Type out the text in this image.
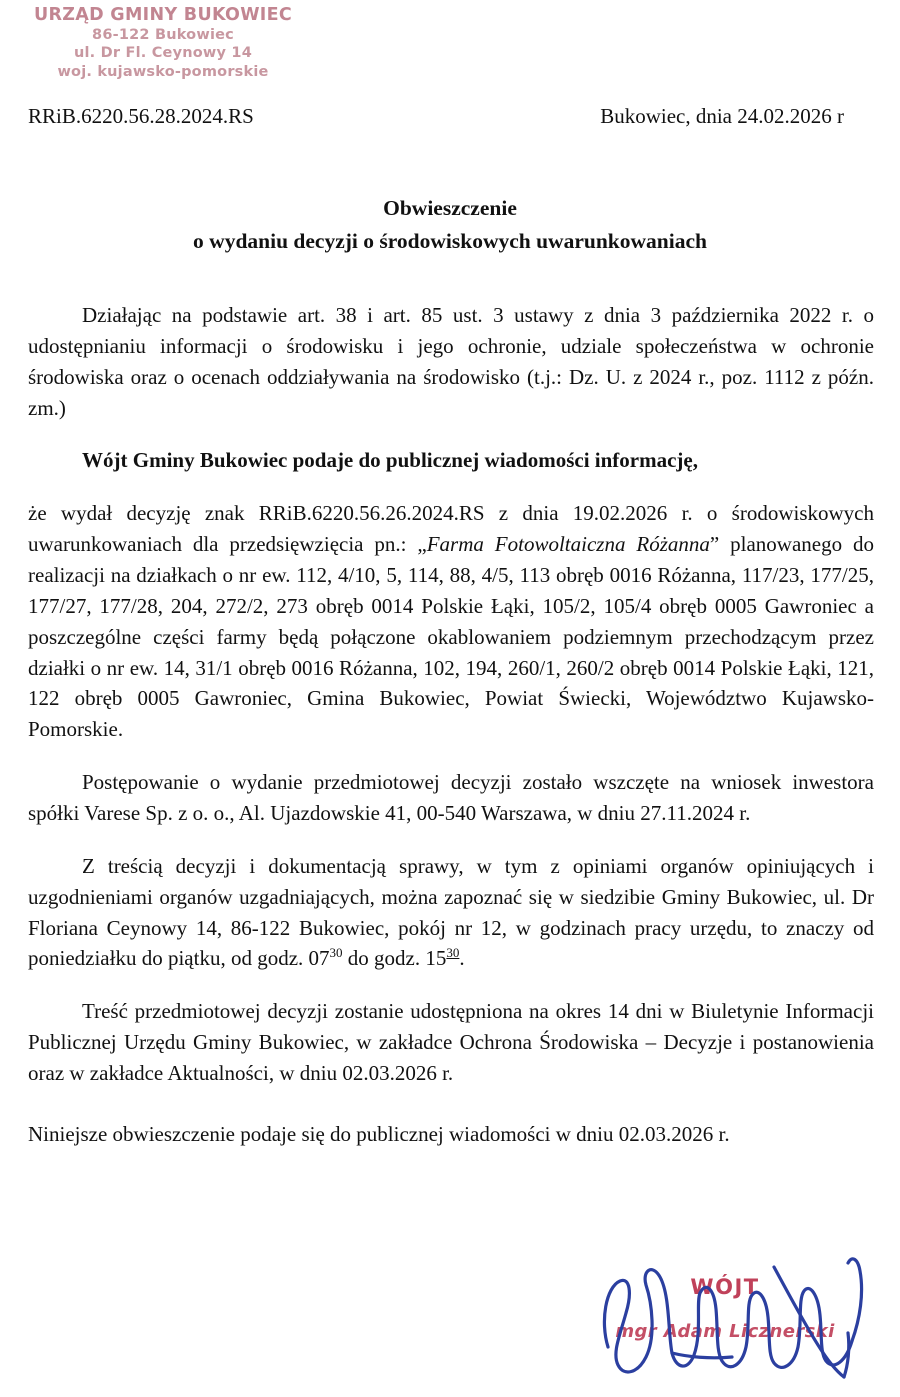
URZĄD GMINY BUKOWIEC
86-122 Bukowiec
ul. Dr Fl. Ceynowy 14
woj. kujawsko-pomorskie
RRiB.6220.56.28.2024.RS	Bukowiec, dnia 24.02.2026 r
Obwieszczenie
o wydaniu decyzji o środowiskowych uwarunkowaniach

Działając na podstawie art. 38 i art. 85 ust. 3 ustawy z dnia 3 października 2022 r. o udostępnianiu informacji o środowisku i jego ochronie, udziale społeczeństwa w ochronie środowiska oraz o ocenach oddziaływania na środowisko (t.j.: Dz. U. z 2024 r., poz. 1112 z późn. zm.)

Wójt Gminy Bukowiec podaje do publicznej wiadomości informację,

że wydał decyzję znak RRiB.6220.56.26.2024.RS z dnia 19.02.2026 r. o środowiskowych uwarunkowaniach dla przedsięwzięcia pn.: „Farma Fotowoltaiczna Różanna” planowanego do realizacji na działkach o nr ew. 112, 4/10, 5, 114, 88, 4/5, 113 obręb 0016 Różanna, 117/23, 177/25, 177/27, 177/28, 204, 272/2, 273 obręb 0014 Polskie Łąki, 105/2, 105/4 obręb 0005 Gawroniec a poszczególne części farmy będą połączone okablowaniem podziemnym przechodzącym przez działki o nr ew. 14, 31/1 obręb 0016 Różanna, 102, 194, 260/1, 260/2 obręb 0014 Polskie Łąki, 121, 122 obręb 0005 Gawroniec, Gmina Bukowiec, Powiat Świecki, Województwo Kujawsko-Pomorskie.

Postępowanie o wydanie przedmiotowej decyzji zostało wszczęte na wniosek inwestora spółki Varese Sp. z o. o., Al. Ujazdowskie 41, 00-540 Warszawa, w dniu 27.11.2024 r.

Z treścią decyzji i dokumentacją sprawy, w tym z opiniami organów opiniujących i uzgodnieniami organów uzgadniających, można zapoznać się w siedzibie Gminy Bukowiec, ul. Dr Floriana Ceynowy 14, 86-122 Bukowiec, pokój nr 12, w godzinach pracy urzędu, to znaczy od poniedziałku do piątku, od godz. $07^{30}$ do godz. $15^{30}$.

Treść przedmiotowej decyzji zostanie udostępniona na okres 14 dni w Biuletynie Informacji Publicznej Urzędu Gminy Bukowiec, w zakładce Ochrona Środowiska – Decyzje i postanowienia oraz w zakładce Aktualności, w dniu 02.03.2026 r.

Niniejsze obwieszczenie podaje się do publicznej wiadomości w dniu 02.03.2026 r.

WÓJT
mgr Adam Licznerski
